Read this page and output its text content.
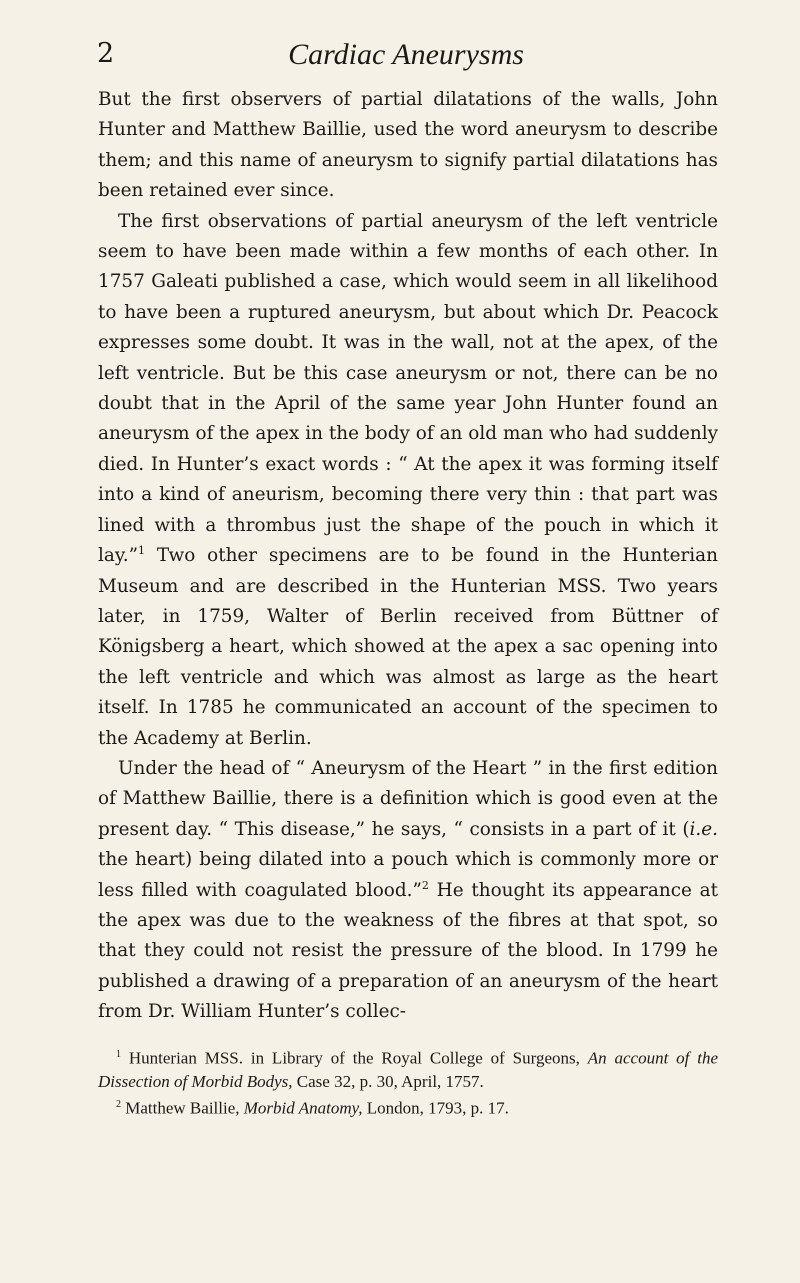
2	Cardiac Aneurysms

But the first observers of partial dilatations of the walls, John Hunter and Matthew Baillie, used the word aneurysm to describe them; and this name of aneurysm to signify partial dilatations has been retained ever since.

The first observations of partial aneurysm of the left ventricle seem to have been made within a few months of each other. In 1757 Galeati published a case, which would seem in all likelihood to have been a ruptured aneurysm, but about which Dr. Peacock expresses some doubt. It was in the wall, not at the apex, of the left ventricle. But be this case aneurysm or not, there can be no doubt that in the April of the same year John Hunter found an aneurysm of the apex in the body of an old man who had suddenly died. In Hunter’s exact words : “ At the apex it was forming itself into a kind of aneurism, becoming there very thin : that part was lined with a thrombus just the shape of the pouch in which it lay.”$^1$ Two other specimens are to be found in the Hunterian Museum and are described in the Hunterian MSS. Two years later, in 1759, Walter of Berlin received from Büttner of Königsberg a heart, which showed at the apex a sac opening into the left ventricle and which was almost as large as the heart itself. In 1785 he communicated an account of the specimen to the Academy at Berlin.

Under the head of “ Aneurysm of the Heart ” in the first edition of Matthew Baillie, there is a definition which is good even at the present day. “ This disease,” he says, “ consists in a part of it (i.e. the heart) being dilated into a pouch which is commonly more or less filled with coagulated blood.”$^2$ He thought its appearance at the apex was due to the weakness of the fibres at that spot, so that they could not resist the pressure of the blood. In 1799 he published a drawing of a preparation of an aneurysm of the heart from Dr. William Hunter’s collec-

$^1$ Hunterian MSS. in Library of the Royal College of Surgeons, An account of the Dissection of Morbid Bodys, Case 32, p. 30, April, 1757.

$^2$ Matthew Baillie, Morbid Anatomy, London, 1793, p. 17.
